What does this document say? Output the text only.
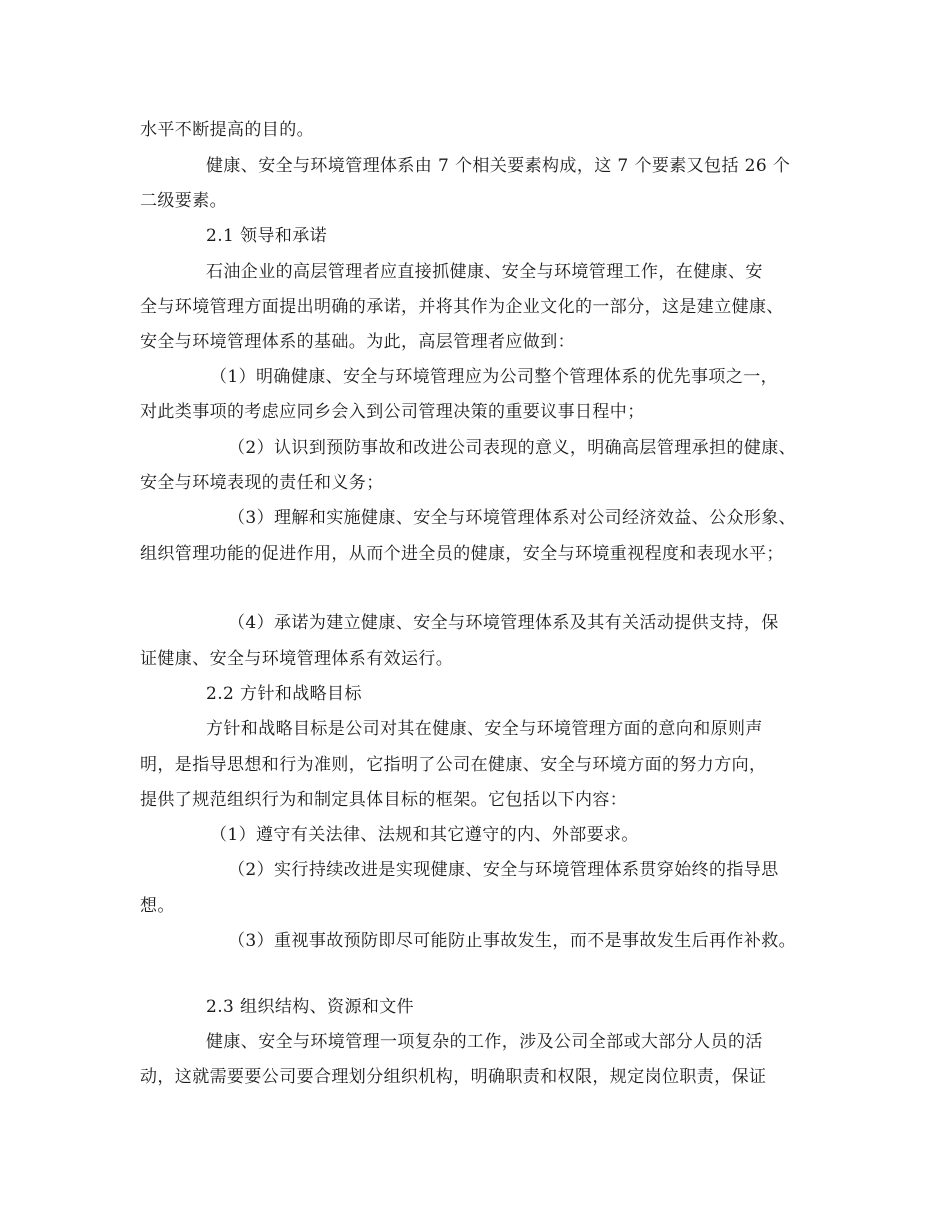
水平不断提高的目的。
健康、安全与环境管理体系由 7 个相关要素构成，这 7 个要素又包括 26 个
二级要素。
2.1 领导和承诺
石油企业的高层管理者应直接抓健康、安全与环境管理工作，在健康、安
全与环境管理方面提出明确的承诺，并将其作为企业文化的一部分，这是建立健康、
安全与环境管理体系的基础。为此，高层管理者应做到：
（1）明确健康、安全与环境管理应为公司整个管理体系的优先事项之一，
对此类事项的考虑应同乡会入到公司管理决策的重要议事日程中；
（2）认识到预防事故和改进公司表现的意义，明确高层管理承担的健康、
安全与环境表现的责任和义务；
（3）理解和实施健康、安全与环境管理体系对公司经济效益、公众形象、
组织管理功能的促进作用，从而个进全员的健康，安全与环境重视程度和表现水平；
（4）承诺为建立健康、安全与环境管理体系及其有关活动提供支持，保
证健康、安全与环境管理体系有效运行。
2.2 方针和战略目标
方针和战略目标是公司对其在健康、安全与环境管理方面的意向和原则声
明，是指导思想和行为准则，它指明了公司在健康、安全与环境方面的努力方向，
提供了规范组织行为和制定具体目标的框架。它包括以下内容：
（1）遵守有关法律、法规和其它遵守的内、外部要求。
（2）实行持续改进是实现健康、安全与环境管理体系贯穿始终的指导思
想。
（3）重视事故预防即尽可能防止事故发生，而不是事故发生后再作补救。
2.3 组织结构、资源和文件
健康、安全与环境管理一项复杂的工作，涉及公司全部或大部分人员的活
动，这就需要要公司要合理划分组织机构，明确职责和权限，规定岗位职责，保证
